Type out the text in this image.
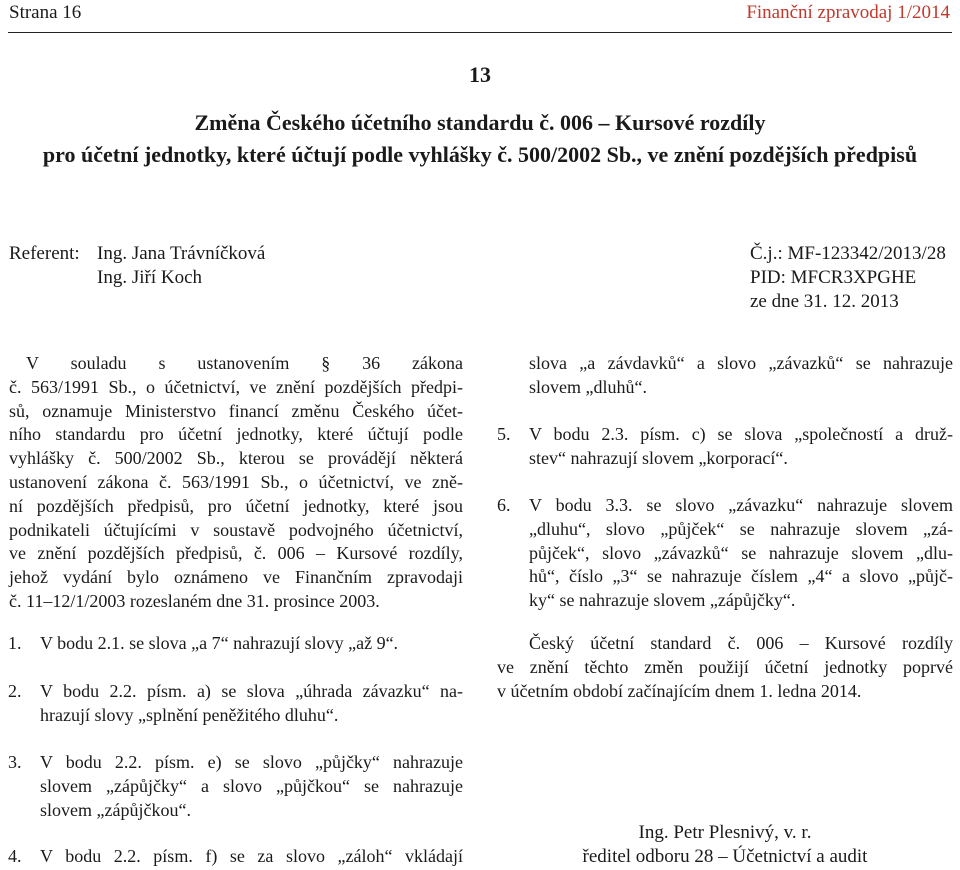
Strana 16	Finanční zpravodaj 1/2014
13
Změna Českého účetního standardu č. 006 – Kursové rozdíly
pro účetní jednotky, které účtují podle vyhlášky č. 500/2002 Sb., ve znění pozdějších předpisů
Referent: Ing. Jana Trávníčková
Ing. Jiří Koch
Č.j.: MF-123342/2013/28
PID: MFCR3XPGHE
ze dne 31. 12. 2013
V souladu s ustanovením § 36 zákona
č. 563/1991 Sb., o účetnictví, ve znění pozdějších předpi-
sů, oznamuje Ministerstvo financí změnu Českého účet-
ního standardu pro účetní jednotky, které účtují podle
vyhlášky č. 500/2002 Sb., kterou se provádějí některá
ustanovení zákona č. 563/1991 Sb., o účetnictví, ve zně-
ní pozdějších předpisů, pro účetní jednotky, které jsou
podnikateli účtujícími v soustavě podvojného účetnictví,
ve znění pozdějších předpisů, č. 006 – Kursové rozdíly,
jehož vydání bylo oznámeno ve Finančním zpravodaji
č. 11–12/1/2003 rozeslaném dne 31. prosince 2003.
1. V bodu 2.1. se slova „a 7“ nahrazují slovy „až 9“.
2. V bodu 2.2. písm. a) se slova „úhrada závazku“ na-
hrazují slovy „splnění peněžitého dluhu“.
3. V bodu 2.2. písm. e) se slovo „půjčky“ nahrazuje
slovem „zápůjčky“ a slovo „půjčkou“ se nahrazuje
slovem „zápůjčkou“.
4. V bodu 2.2. písm. f) se za slovo „záloh“ vkládají
slova „a závdavků“ a slovo „závazků“ se nahrazuje
slovem „dluhů“.
5. V bodu 2.3. písm. c) se slova „společností a druž-
stev“ nahrazují slovem „korporací“.
6. V bodu 3.3. se slovo „závazku“ nahrazuje slovem
„dluhu“, slovo „půjček“ se nahrazuje slovem „zá-
půjček“, slovo „závazků“ se nahrazuje slovem „dlu-
hů“, číslo „3“ se nahrazuje číslem „4“ a slovo „půjč-
ky“ se nahrazuje slovem „zápůjčky“.
Český účetní standard č. 006 – Kursové rozdíly
ve znění těchto změn použijí účetní jednotky poprvé
v účetním období začínajícím dnem 1. ledna 2014.
Ing. Petr Plesnivý, v. r.
ředitel odboru 28 – Účetnictví a audit
